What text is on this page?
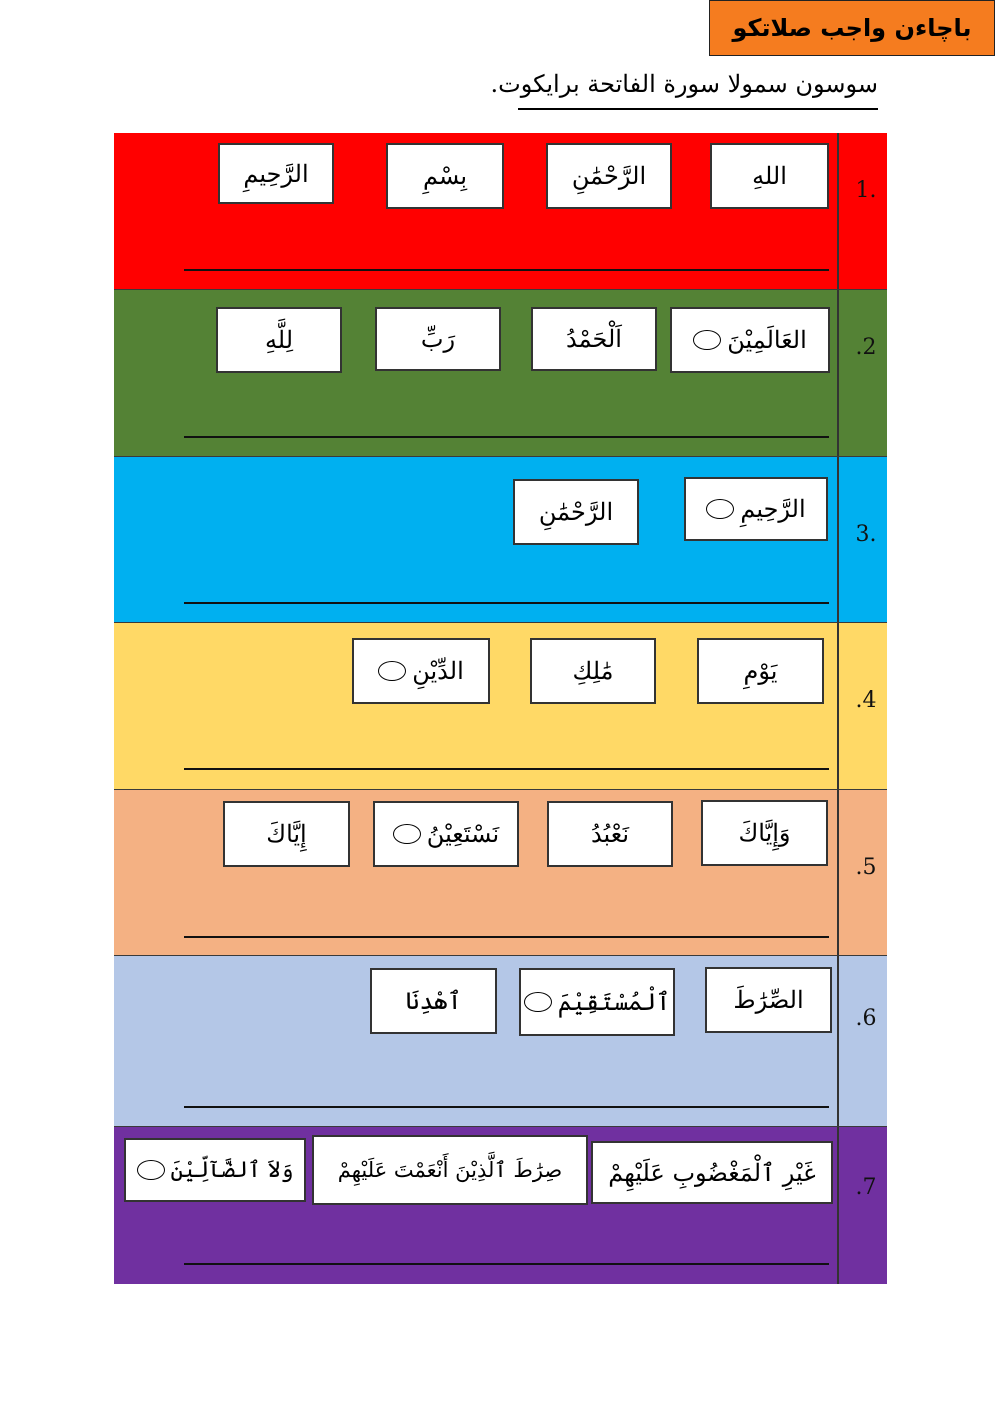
باچاءن واجب صلاتكو
سوسون سمولا سورة الفاتحة برايكوت.
1.
اللهِ
الرَّحْمَٰنِ
بِسْمِ
الرَّحِيمِ
.2
العَالَمِيْنَ
اَلْحَمْدُ
رَبِّ
لِلَّهِ
3.
الرَّحِيمِ
الرَّحْمَٰنِ
.4
يَوْمِ
مَٰلِكِ
الدِّيْنِ
.5
وَإِيَّاكَ
نَعْبُدُ
نَسْتَعِيْنُ
إِيَّاكَ
.6
الصِّرَٰطَ
ٱلْمُسْتَقِيْمَ
ٱهْدِنَا
.7
غَيْرِ ٱلْمَغْضُوبِ عَلَيْهِمْ
صِرَٰطَ ٱلَّذِيْنَ أَنْعَمْتَ عَلَيْهِمْ
وَلاَ ٱلضَّآلِّيْنَ
